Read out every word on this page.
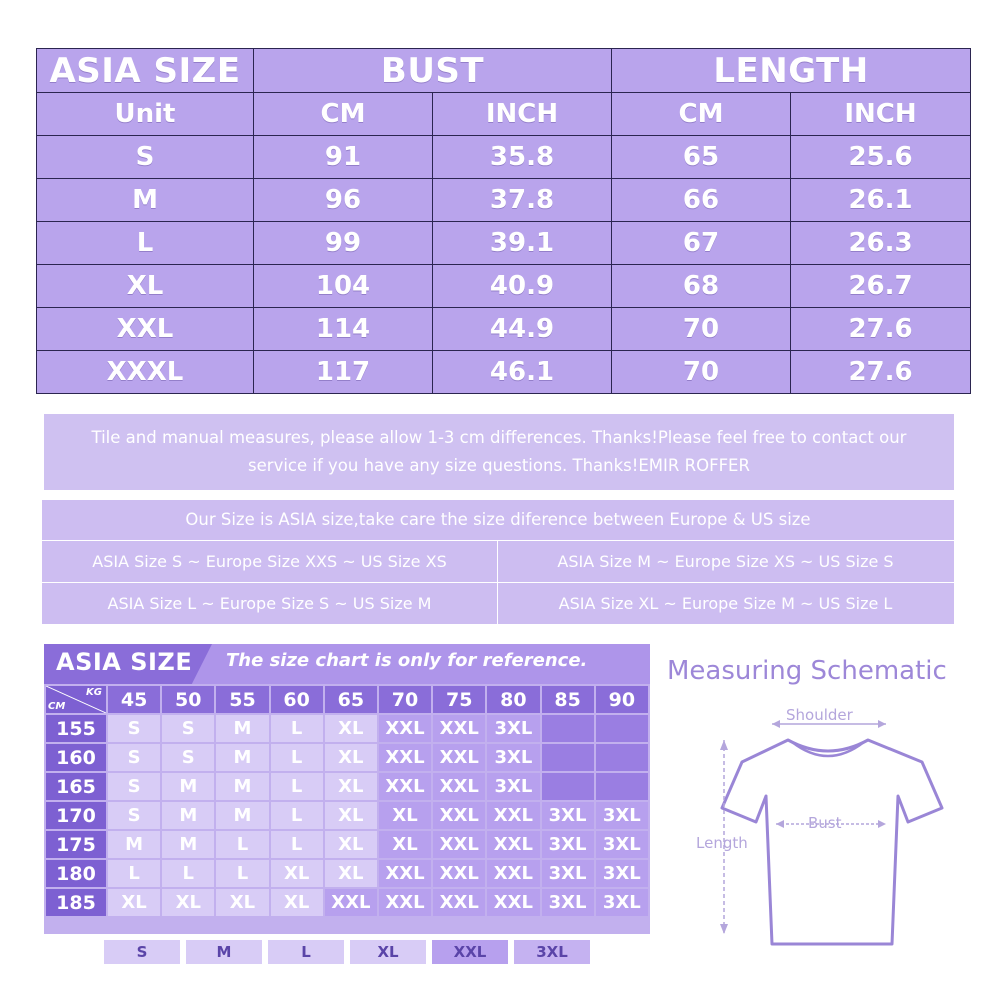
ASIA SIZE	BUST		LENGTH	
Unit	CM	INCH	CM	INCH
S	91	35.8	65	25.6
M	96	37.8	66	26.1
L	99	39.1	67	26.3
XL	104	40.9	68	26.7
XXL	114	44.9	70	27.6
XXXL	117	46.1	70	27.6
Tile and manual measures, please allow 1-3 cm differences. Thanks!Please feel free to contact our
service if you have any size questions. Thanks!EMIR ROFFER
Our Size is ASIA size,take care the size diference between Europe & US size
ASIA Size S ~ Europe Size XXS ~ US Size XS	ASIA Size M ~ Europe Size XS ~ US Size S
ASIA Size L ~ Europe Size S ~ US Size M	ASIA Size XL ~ Europe Size M ~ US Size L
ASIA SIZE The size chart is only for reference.
KG
CM	45	50	55	60	65	70	75	80	85	90
155	S	S	M	L	XL	XXL	XXL	3XL		
160	S	S	M	L	XL	XXL	XXL	3XL		
165	S	M	M	L	XL	XXL	XXL	3XL		
170	S	M	M	L	XL	XL	XXL	XXL	3XL	3XL
175	M	M	L	L	XL	XL	XXL	XXL	3XL	3XL
180	L	L	L	XL	XL	XXL	XXL	XXL	3XL	3XL
185	XL	XL	XL	XL	XXL	XXL	XXL	XXL	3XL	3XL
S	M	L	XL	XXL	3XL
Measuring Schematic
Shoulder
Bust
Length
